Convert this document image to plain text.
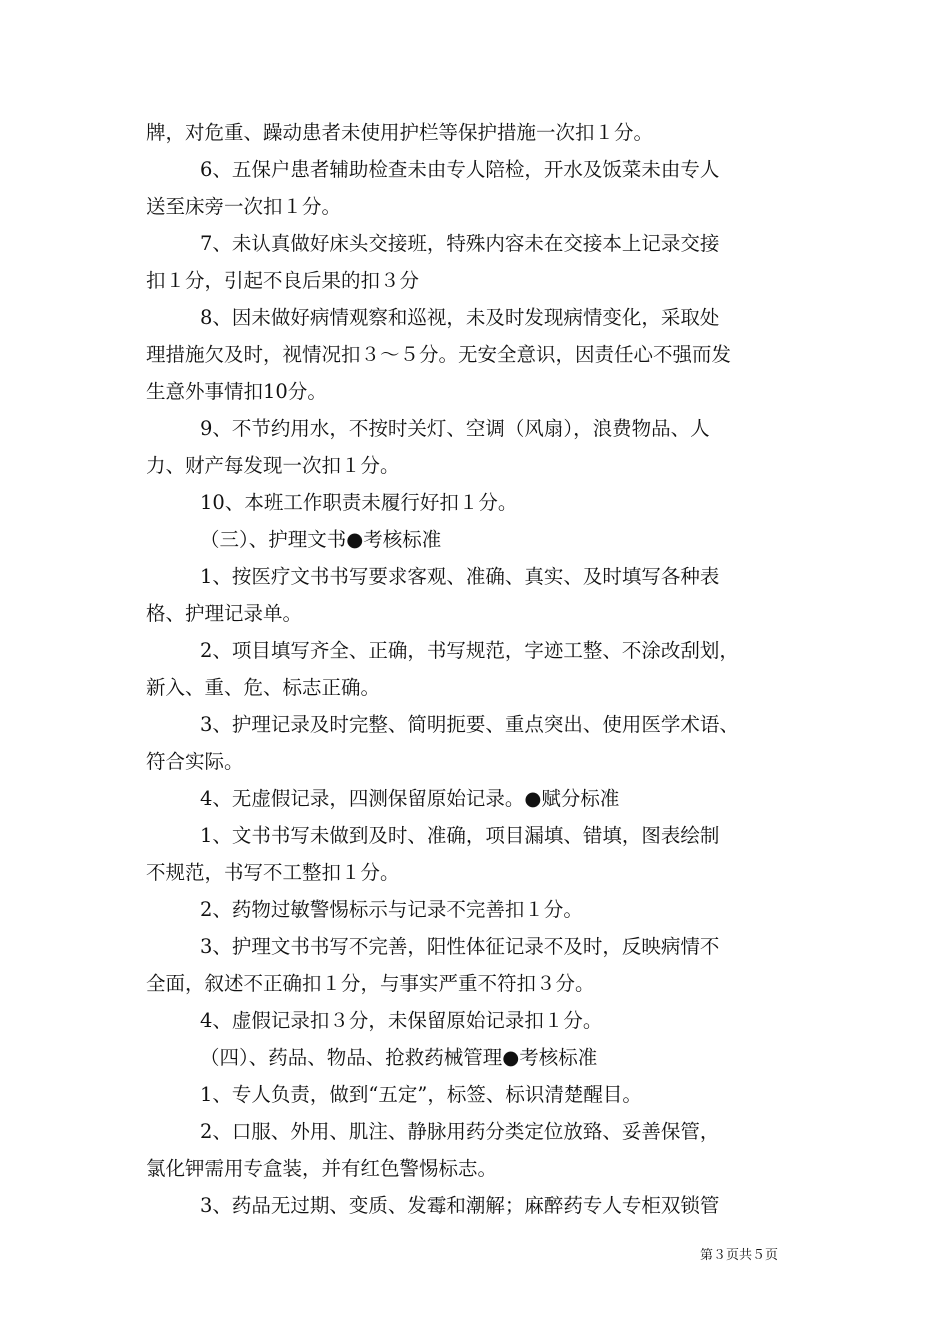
牌，对危重、躁动患者未使用护栏等保护措施一次扣１分。
6、五保户患者辅助检查未由专人陪检，开水及饭菜未由专人
送至床旁一次扣１分。
7、未认真做好床头交接班，特殊内容未在交接本上记录交接
扣１分，引起不良后果的扣３分
8、因未做好病情观察和巡视，未及时发现病情变化，采取处
理措施欠及时，视情况扣３～５分。无安全意识，因责任心不强而发
生意外事情扣10分。
9、不节约用水，不按时关灯、空调（风扇），浪费物品、人
力、财产每发现一次扣１分。
10、本班工作职责未履行好扣１分。
（三）、护理文书●考核标准
1、按医疗文书书写要求客观、准确、真实、及时填写各种表
格、护理记录单。
2、项目填写齐全、正确，书写规范，字迹工整、不涂改刮划，
新入、重、危、标志正确。
3、护理记录及时完整、简明扼要、重点突出、使用医学术语、
符合实际。
4、无虚假记录，四测保留原始记录。●赋分标准
1、文书书写未做到及时、准确，项目漏填、错填，图表绘制
不规范，书写不工整扣１分。
2、药物过敏警惕标示与记录不完善扣１分。
3、护理文书书写不完善，阳性体征记录不及时，反映病情不
全面，叙述不正确扣１分，与事实严重不符扣３分。
4、虚假记录扣３分，未保留原始记录扣１分。
（四）、药品、物品、抢救药械管理●考核标准
1、专人负责，做到“五定”，标签、标识清楚醒目。
2、口服、外用、肌注、静脉用药分类定位放臵、妥善保管，
氯化钾需用专盒装，并有红色警惕标志。
3、药品无过期、变质、发霉和潮解；麻醉药专人专柜双锁管
第３页共５页
